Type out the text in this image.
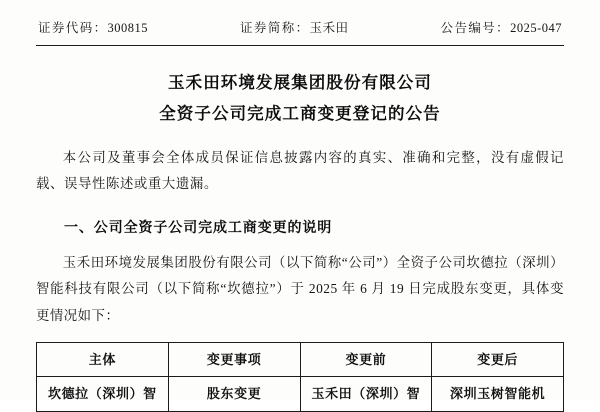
证券代码：300815	证券简称：玉禾田	公告编号：2025-047
玉禾田环境发展集团股份有限公司
全资子公司完成工商变更登记的公告
本公司及董事会全体成员保证信息披露内容的真实、准确和完整，没有虚假记载、误导性陈述或重大遗漏。
一、公司全资子公司完成工商变更的说明
玉禾田环境发展集团股份有限公司（以下简称“公司”）全资子公司坎德拉（深圳）智能科技有限公司（以下简称“坎德拉”）于 2025 年 6 月 19 日完成股东变更，具体变更情况如下：
主体	变更事项	变更前	变更后
坎德拉（深圳）智	股东变更	玉禾田（深圳）智	深圳玉树智能机
